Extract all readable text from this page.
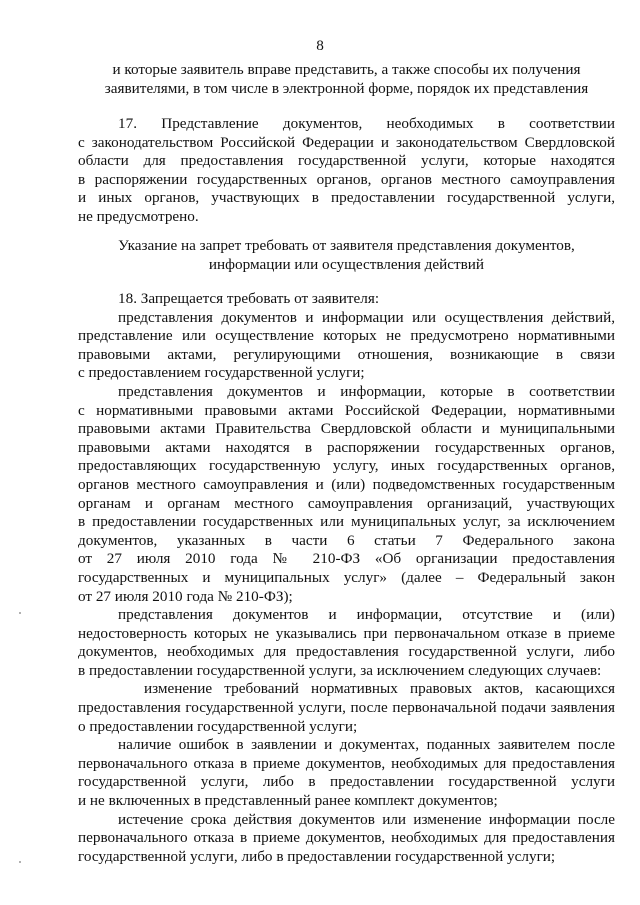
8
и которые заявитель вправе представить, а также способы их получения
заявителями, в том числе в электронной форме, порядок их представления
17. Представление документов, необходимых в соответствии
с законодательством Российской Федерации и законодательством Свердловской
области для предоставления государственной услуги, которые находятся
в распоряжении государственных органов, органов местного самоуправления
и иных органов, участвующих в предоставлении государственной услуги,
не предусмотрено.
Указание на запрет требовать от заявителя представления документов,
информации или осуществления действий
18. Запрещается требовать от заявителя:
представления документов и информации или осуществления действий,
представление или осуществление которых не предусмотрено нормативными
правовыми актами, регулирующими отношения, возникающие в связи
с предоставлением государственной услуги;
представления документов и информации, которые в соответствии
с нормативными правовыми актами Российской Федерации, нормативными
правовыми актами Правительства Свердловской области и муниципальными
правовыми актами находятся в распоряжении государственных органов,
предоставляющих государственную услугу, иных государственных органов,
органов местного самоуправления и (или) подведомственных государственным
органам и органам местного самоуправления организаций, участвующих
в предоставлении государственных или муниципальных услуг, за исключением
документов, указанных в части 6 статьи 7 Федерального закона
от 27 июля 2010 года № 210-ФЗ «Об организации предоставления
государственных и муниципальных услуг» (далее – Федеральный закон
от 27 июля 2010 года № 210-ФЗ);
представления документов и информации, отсутствие и (или)
недостоверность которых не указывались при первоначальном отказе в приеме
документов, необходимых для предоставления государственной услуги, либо
в предоставлении государственной услуги, за исключением следующих случаев:
изменение требований нормативных правовых актов, касающихся
предоставления государственной услуги, после первоначальной подачи заявления
о предоставлении государственной услуги;
наличие ошибок в заявлении и документах, поданных заявителем после
первоначального отказа в приеме документов, необходимых для предоставления
государственной услуги, либо в предоставлении государственной услуги
и не включенных в представленный ранее комплект документов;
истечение срока действия документов или изменение информации после
первоначального отказа в приеме документов, необходимых для предоставления
государственной услуги, либо в предоставлении государственной услуги;
